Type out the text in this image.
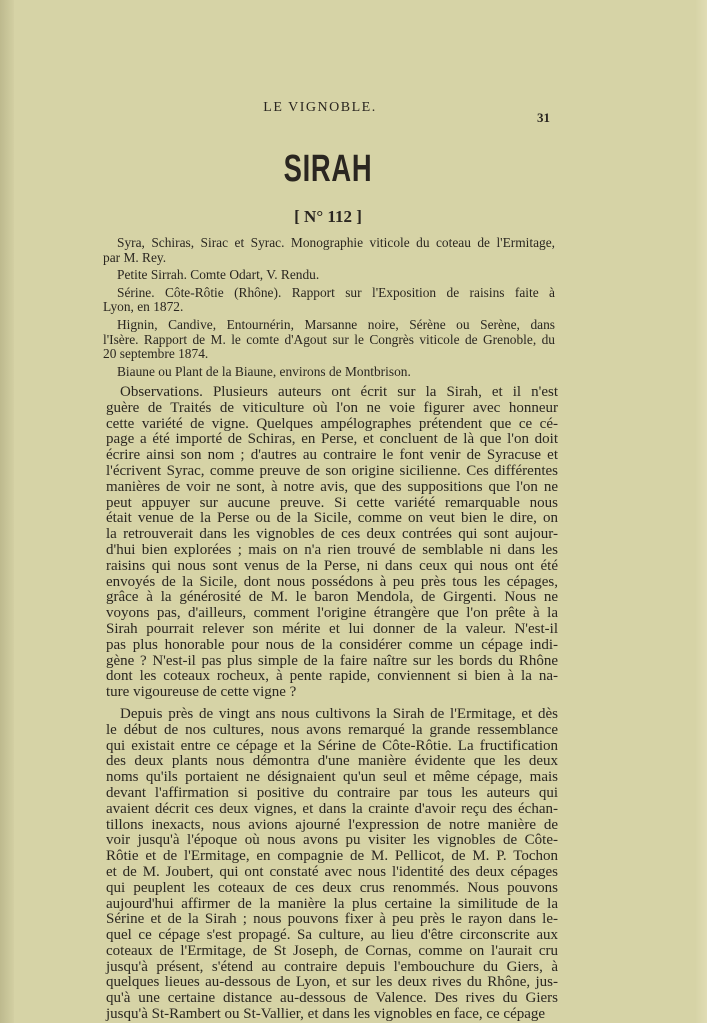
LE VIGNOBLE.
31
SIRAH
[ N° 112 ]
Syra, Schiras, Sirac et Syrac. Monographie viticole du coteau de l'Ermitage,
par M. Rey.
Petite Sirrah. Comte Odart, V. Rendu.
Sérine. Côte-Rôtie (Rhône). Rapport sur l'Exposition de raisins faite à
Lyon, en 1872.
Hignin, Candive, Entournérin, Marsanne noire, Sérène ou Serène, dans
l'Isère. Rapport de M. le comte d'Agout sur le Congrès viticole de Grenoble, du
20 septembre 1874.
Biaune ou Plant de la Biaune, environs de Montbrison.
Observations. Plusieurs auteurs ont écrit sur la Sirah, et il n'est
guère de Traités de viticulture où l'on ne voie figurer avec honneur
cette variété de vigne. Quelques ampélographes prétendent que ce cé-
page a été importé de Schiras, en Perse, et concluent de là que l'on doit
écrire ainsi son nom ; d'autres au contraire le font venir de Syracuse et
l'écrivent Syrac, comme preuve de son origine sicilienne. Ces différentes
manières de voir ne sont, à notre avis, que des suppositions que l'on ne
peut appuyer sur aucune preuve. Si cette variété remarquable nous
était venue de la Perse ou de la Sicile, comme on veut bien le dire, on
la retrouverait dans les vignobles de ces deux contrées qui sont aujour-
d'hui bien explorées ; mais on n'a rien trouvé de semblable ni dans les
raisins qui nous sont venus de la Perse, ni dans ceux qui nous ont été
envoyés de la Sicile, dont nous possédons à peu près tous les cépages,
grâce à la générosité de M. le baron Mendola, de Girgenti. Nous ne
voyons pas, d'ailleurs, comment l'origine étrangère que l'on prête à la
Sirah pourrait relever son mérite et lui donner de la valeur. N'est-il
pas plus honorable pour nous de la considérer comme un cépage indi-
gène ? N'est-il pas plus simple de la faire naître sur les bords du Rhône
dont les coteaux rocheux, à pente rapide, conviennent si bien à la na-
ture vigoureuse de cette vigne ?
Depuis près de vingt ans nous cultivons la Sirah de l'Ermitage, et dès
le début de nos cultures, nous avons remarqué la grande ressemblance
qui existait entre ce cépage et la Sérine de Côte-Rôtie. La fructification
des deux plants nous démontra d'une manière évidente que les deux
noms qu'ils portaient ne désignaient qu'un seul et même cépage, mais
devant l'affirmation si positive du contraire par tous les auteurs qui
avaient décrit ces deux vignes, et dans la crainte d'avoir reçu des échan-
tillons inexacts, nous avions ajourné l'expression de notre manière de
voir jusqu'à l'époque où nous avons pu visiter les vignobles de Côte-
Rôtie et de l'Ermitage, en compagnie de M. Pellicot, de M. P. Tochon
et de M. Joubert, qui ont constaté avec nous l'identité des deux cépages
qui peuplent les coteaux de ces deux crus renommés. Nous pouvons
aujourd'hui affirmer de la manière la plus certaine la similitude de la
Sérine et de la Sirah ; nous pouvons fixer à peu près le rayon dans le-
quel ce cépage s'est propagé. Sa culture, au lieu d'être circonscrite aux
coteaux de l'Ermitage, de St Joseph, de Cornas, comme on l'aurait cru
jusqu'à présent, s'étend au contraire depuis l'embouchure du Giers, à
quelques lieues au-dessous de Lyon, et sur les deux rives du Rhône, jus-
qu'à une certaine distance au-dessous de Valence. Des rives du Giers
jusqu'à St-Rambert ou St-Vallier, et dans les vignobles en face, ce cépage
